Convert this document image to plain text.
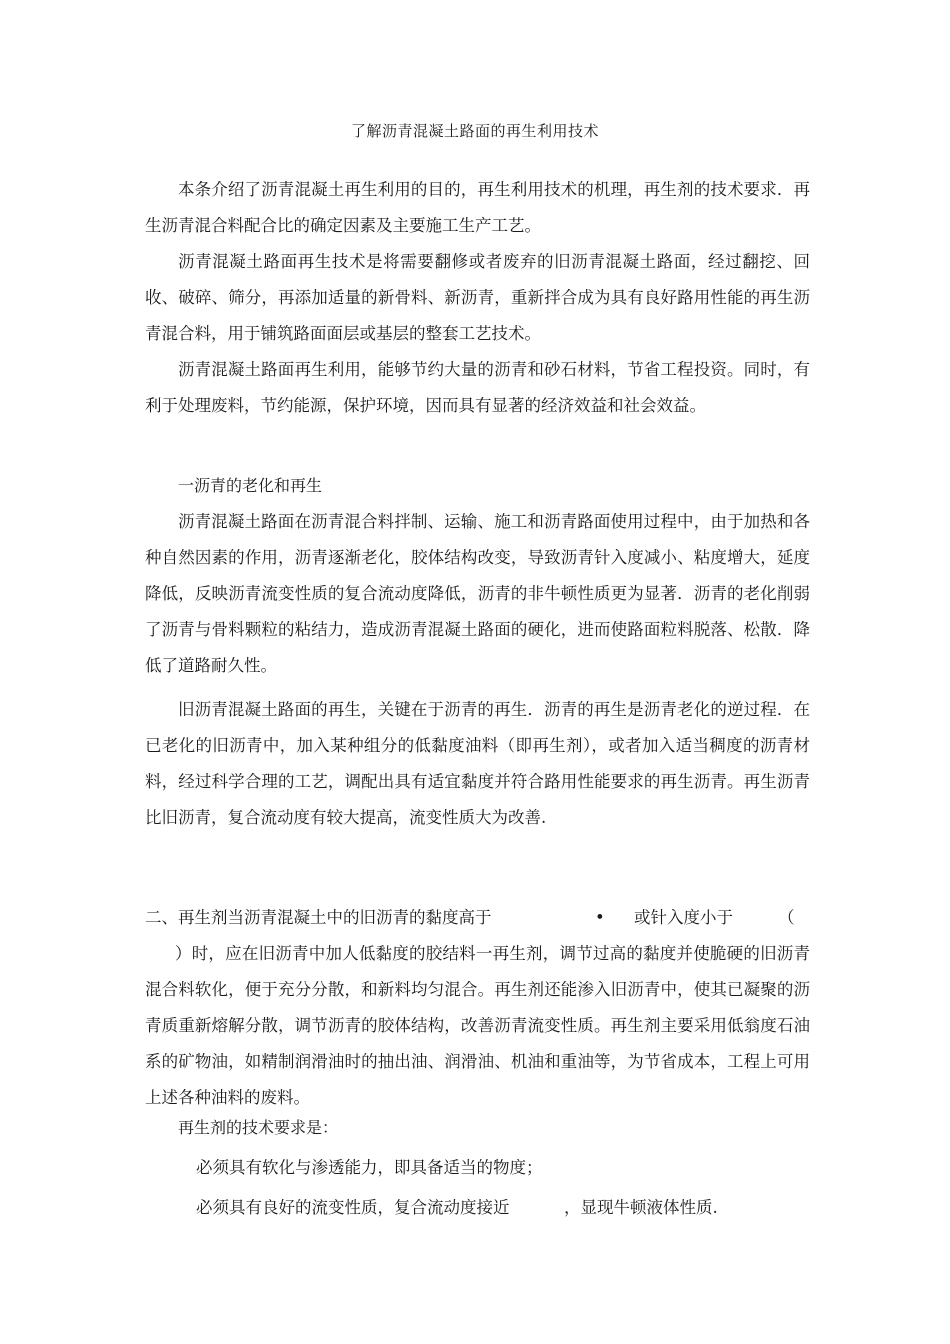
了解沥青混凝土路面的再生利用技术

本条介绍了沥青混凝土再生利用的目的，再生利用技术的机理，再生剂的技术要求．再生沥青混合料配合比的确定因素及主要施工生产工艺。

沥青混凝土路面再生技术是将需要翻修或者废弃的旧沥青混凝土路面，经过翻挖、回收、破碎、筛分，再添加适量的新骨料、新沥青，重新拌合成为具有良好路用性能的再生沥青混合料，用于铺筑路面面层或基层的整套工艺技术。

沥青混凝土路面再生利用，能够节约大量的沥青和砂石材料，节省工程投资。同时，有利于处理废料，节约能源，保护环境，因而具有显著的经济效益和社会效益。

一沥青的老化和再生

沥青混凝土路面在沥青混合料拌制、运输、施工和沥青路面使用过程中，由于加热和各种自然因素的作用，沥青逐渐老化，胶体结构改变，导致沥青针入度减小、粘度增大，延度降低，反映沥青流变性质的复合流动度降低，沥青的非牛顿性质更为显著．沥青的老化削弱了沥青与骨料颗粒的粘结力，造成沥青混凝土路面的硬化，进而使路面粒料脱落、松散．降低了道路耐久性。

旧沥青混凝土路面的再生，关键在于沥青的再生．沥青的再生是沥青老化的逆过程．在已老化的旧沥青中，加入某种组分的低黏度油料（即再生剂），或者加入适当稠度的沥青材料，经过科学合理的工艺，调配出具有适宜黏度并符合路用性能要求的再生沥青。再生沥青比旧沥青，复合流动度有较大提高，流变性质大为改善.

二、再生剂当沥青混凝土中的旧沥青的黏度高于	• 或针入度小于	（

）时，应在旧沥青中加人低黏度的胶结料一再生剂，调节过高的黏度并使脆硬的旧沥青混合料软化，便于充分分散，和新料均匀混合。再生剂还能渗入旧沥青中，使其已凝聚的沥青质重新熔解分散，调节沥青的胶体结构，改善沥青流变性质。再生剂主要采用低翁度石油系的矿物油，如精制润滑油时的抽出油、润滑油、机油和重油等，为节省成本，工程上可用上述各种油料的废料。

再生剂的技术要求是：

必须具有软化与渗透能力，即具备适当的物度；
必须具有良好的流变性质，复合流动度接近	，显现牛顿液体性质.
